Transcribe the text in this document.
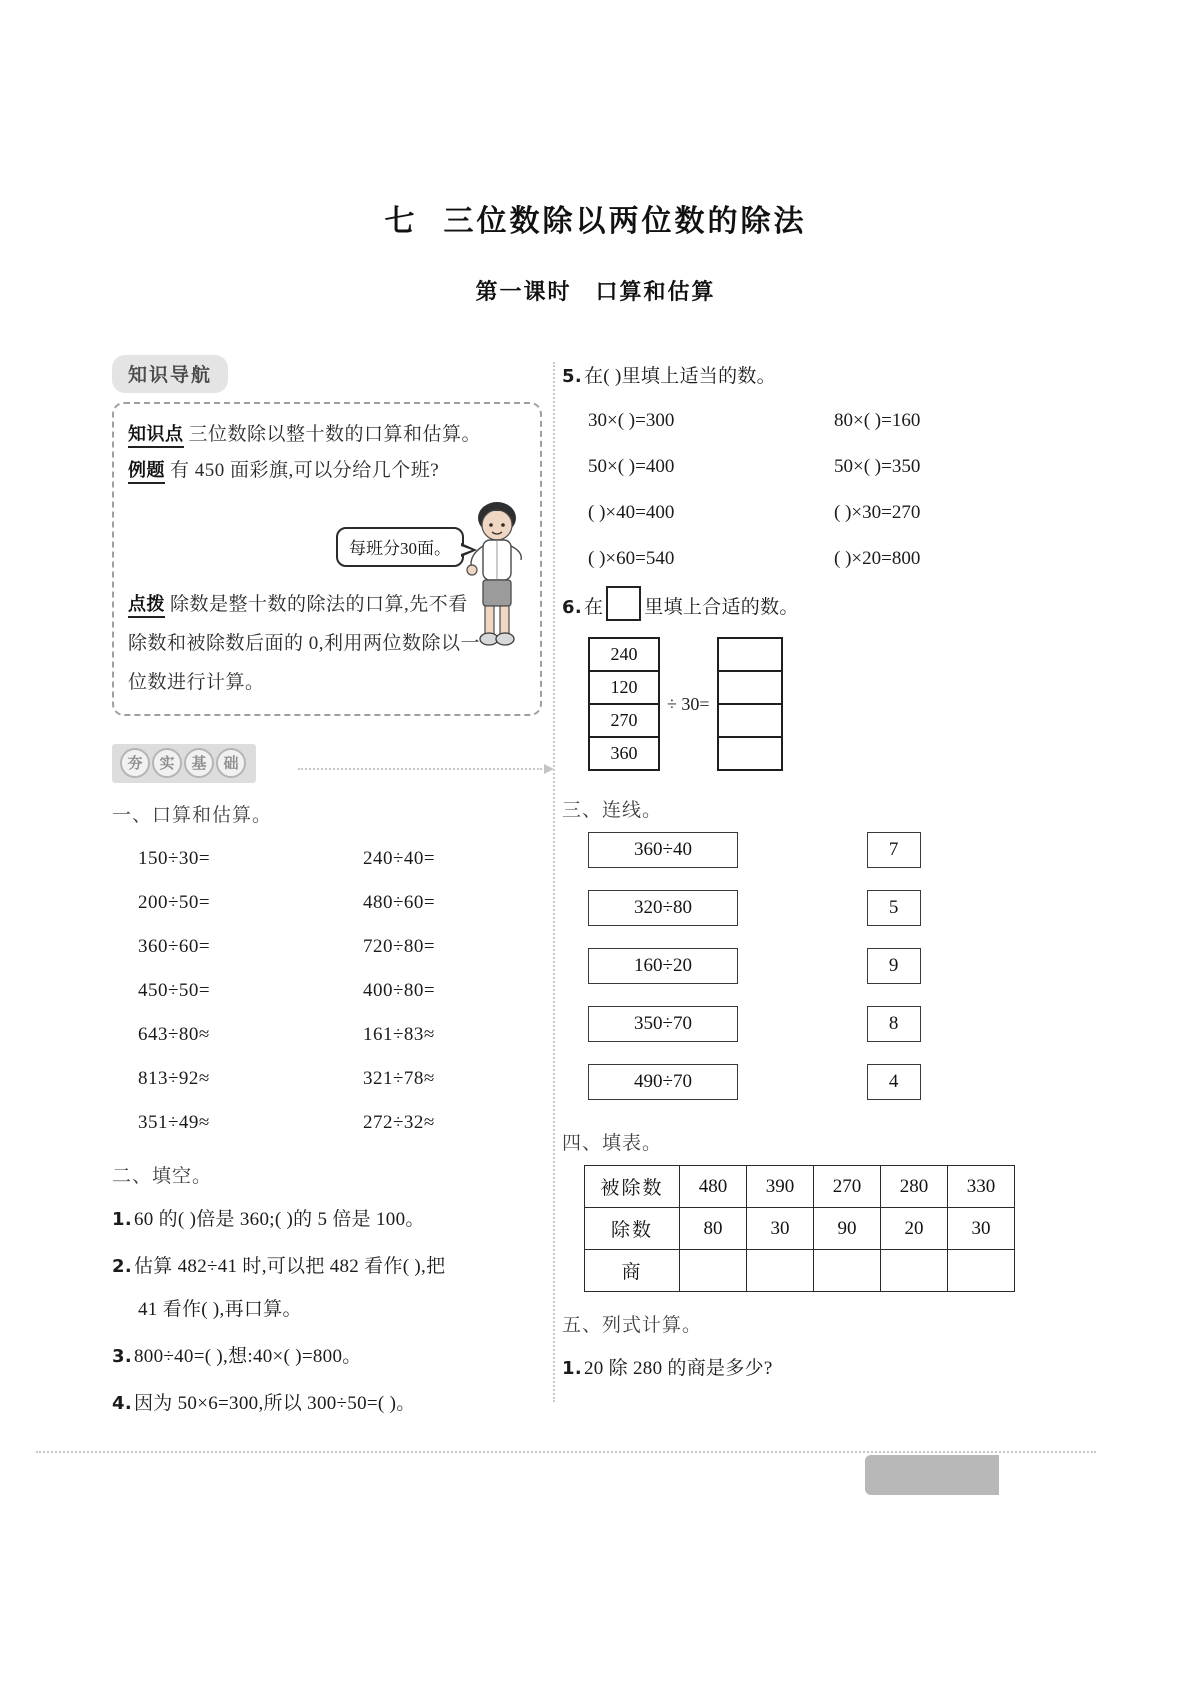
七 三位数除以两位数的除法
第一课时 口算和估算
知识导航
知识点 三位数除以整十数的口算和估算。
例题 有 450 面彩旗,可以分给几个班?
每班分30面。
点拨 除数是整十数的除法的口算,先不看
除数和被除数后面的 0,利用两位数除以一
位数进行计算。
夯 实 基 础
一、口算和估算。
150÷30=	240÷40=
200÷50=	480÷60=
360÷60=	720÷80=
450÷50=	400÷80=
643÷80≈	161÷83≈
813÷92≈	321÷78≈
351÷49≈	272÷32≈
二、填空。
1. 60 的( )倍是 360;( )的 5 倍是 100。
2. 估算 482÷41 时,可以把 482 看作( ),把
41 看作( ),再口算。
3. 800÷40=( ),想:40×( )=800。
4. 因为 50×6=300,所以 300÷50=( )。
5. 在( )里填上适当的数。
30×( )=300	80×( )=160
50×( )=400	50×( )=350
( )×40=400	( )×30=270
( )×60=540	( )×20=800
6. 在 里填上合适的数。
240
120
270
360
÷ 30=
三、连线。
360÷40
320÷80
160÷20
350÷70
490÷70
7
5
9
8
4
四、填表。
被除数	480	390	270	280	330
除数	80	30	90	20	30
商					
五、列式计算。
1. 20 除 280 的商是多少?
